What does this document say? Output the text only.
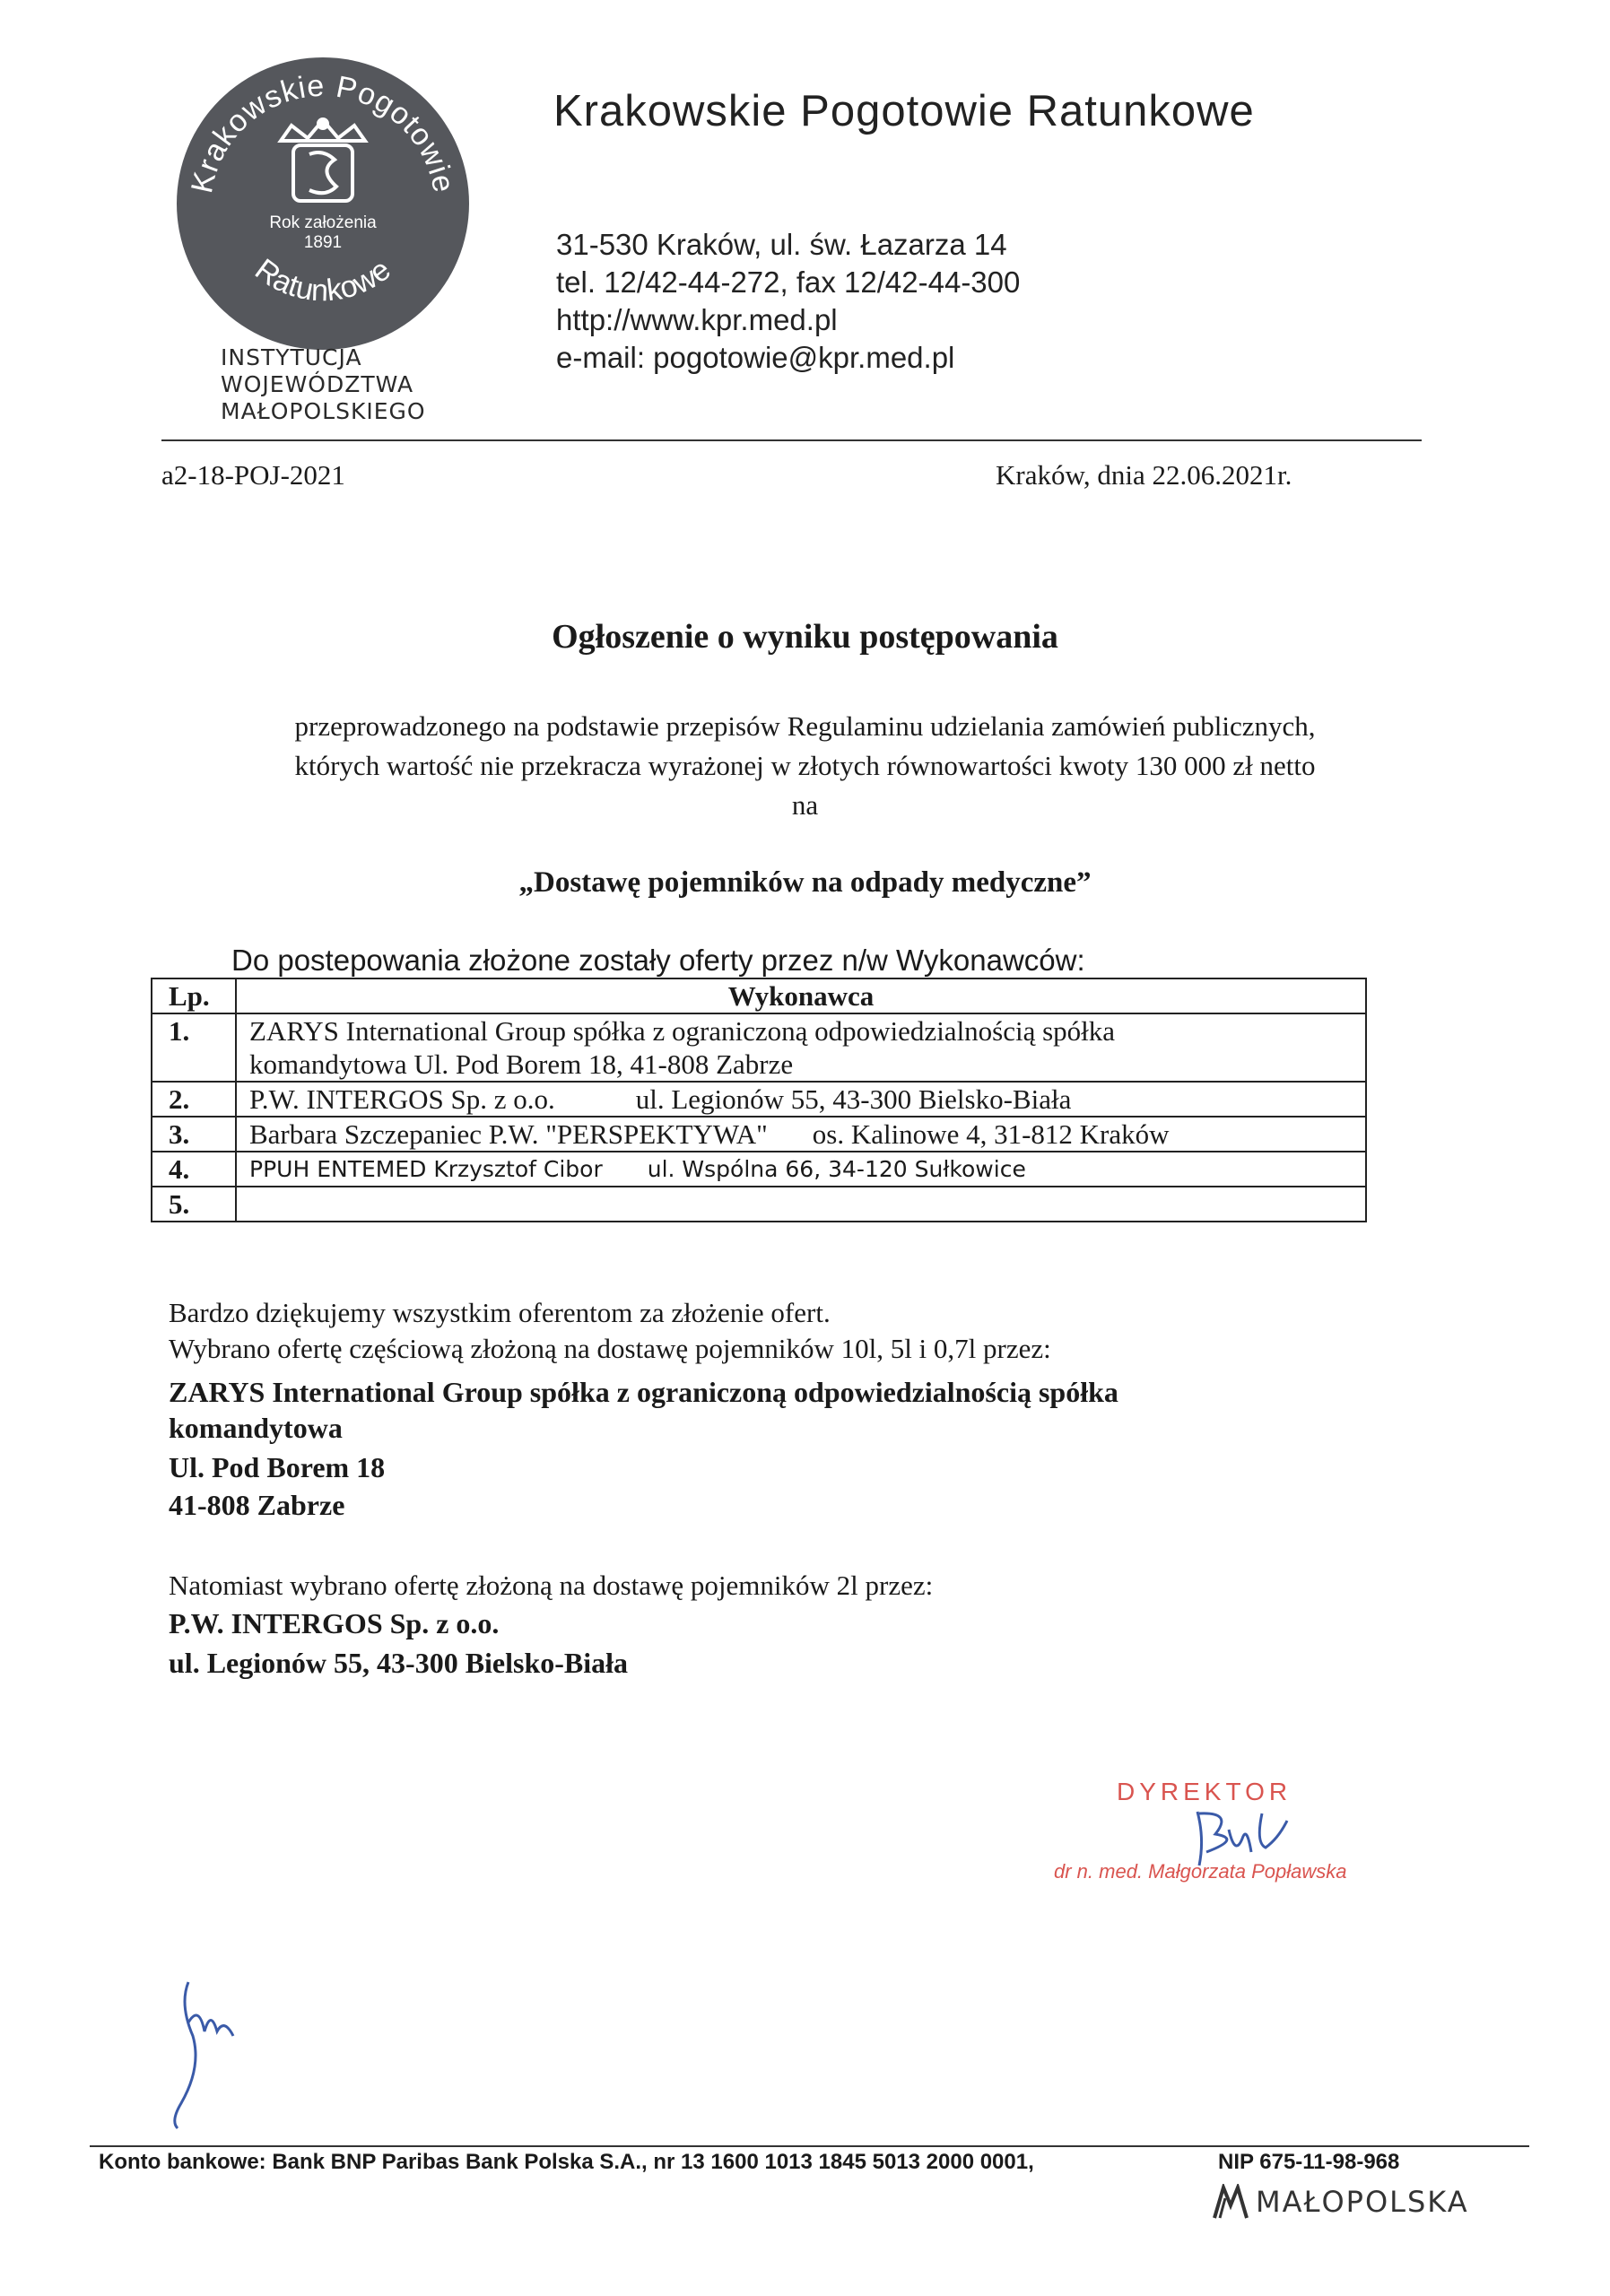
Krakowskie Pogotowie
Ratunkowe
Rok założenia
1891
INSTYTUCJA
WOJEWÓDZTWA
MAŁOPOLSKIEGO
Krakowskie Pogotowie Ratunkowe
31-530 Kraków, ul. św. Łazarza 14
tel. 12/42-44-272, fax 12/42-44-300
http://www.kpr.med.pl
e-mail: pogotowie@kpr.med.pl
a2-18-POJ-2021	Kraków, dnia 22.06.2021r.
Ogłoszenie o wyniku postępowania
przeprowadzonego na podstawie przepisów Regulaminu udzielania zamówień publicznych,
których wartość nie przekracza wyrażonej w złotych równowartości kwoty 130 000 zł netto
na
„Dostawę pojemników na odpady medyczne”
Do postepowania złożone zostały oferty przez n/w Wykonawców:
Lp.	Wykonawca
1.	ZARYS International Group spółka z ograniczoną odpowiedzialnością spółka
komandytowa Ul. Pod Borem 18, 41-808 Zabrze

2.	P.W. INTERGOS Sp. z o.o. ul. Legionów 55, 43-300 Bielsko-Biała
3.	Barbara Szczepaniec P.W. "PERSPEKTYWA" os. Kalinowe 4, 31-812 Kraków
4.	PPUH ENTEMED Krzysztof Cibor ul. Wspólna 66, 34-120 Sułkowice
5.	
Bardzo dziękujemy wszystkim oferentom za złożenie ofert.
Wybrano ofertę częściową złożoną na dostawę pojemników 10l, 5l i 0,7l przez:
ZARYS International Group spółka z ograniczoną odpowiedzialnością spółka
komandytowa
Ul. Pod Borem 18
41-808 Zabrze
Natomiast wybrano ofertę złożoną na dostawę pojemników 2l przez:
P.W. INTERGOS Sp. z o.o.
ul. Legionów 55, 43-300 Bielsko-Biała
DYREKTOR
dr n. med. Małgorzata Popławska
Konto bankowe: Bank BNP Paribas Bank Polska S.A., nr 13 1600 1013 1845 5013 2000 0001,	NIP 675-11-98-968
MAŁOPOLSKA
